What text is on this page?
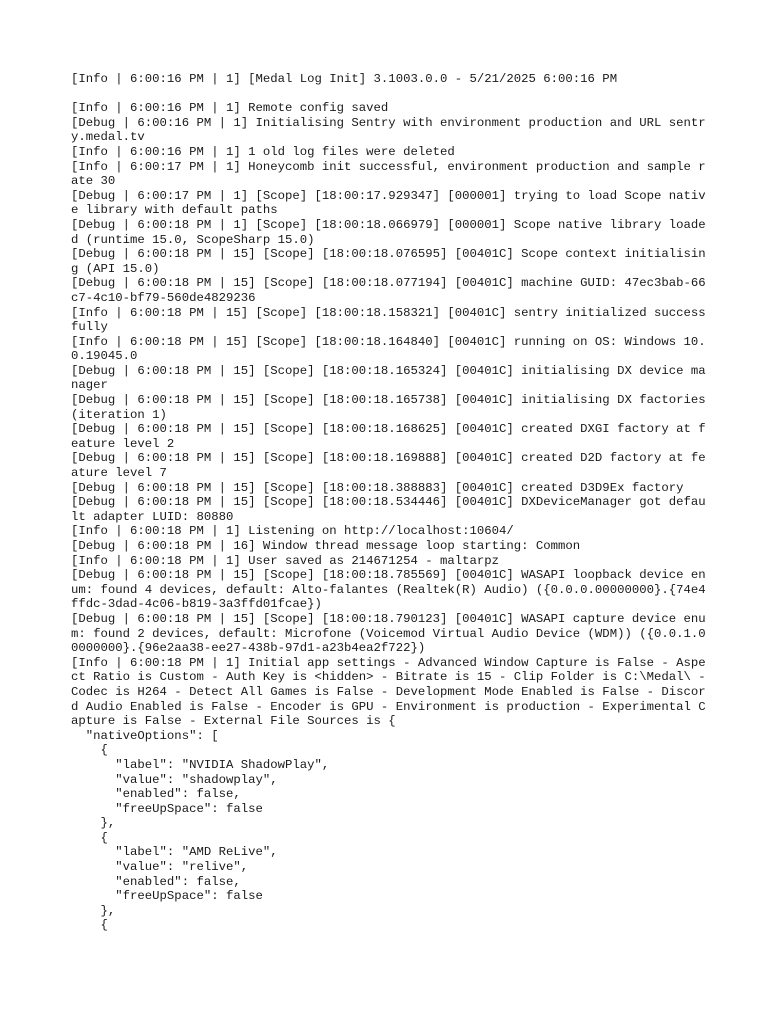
[Info | 6:00:16 PM | 1] [Medal Log Init] 3.1003.0.0 - 5/21/2025 6:00:16 PM

[Info | 6:00:16 PM | 1] Remote config saved

[Debug | 6:00:16 PM | 1] Initialising Sentry with environment production and URL sentry.medal.tv

[Info | 6:00:16 PM | 1] 1 old log files were deleted

[Info | 6:00:17 PM | 1] Honeycomb init successful, environment production and sample rate 30

[Debug | 6:00:17 PM | 1] [Scope] [18:00:17.929347] [000001] trying to load Scope native library with default paths

[Debug | 6:00:18 PM | 1] [Scope] [18:00:18.066979] [000001] Scope native library loaded (runtime 15.0, ScopeSharp 15.0)

[Debug | 6:00:18 PM | 15] [Scope] [18:00:18.076595] [00401C] Scope context initialising (API 15.0)

[Debug | 6:00:18 PM | 15] [Scope] [18:00:18.077194] [00401C] machine GUID: 47ec3bab-66c7-4c10-bf79-560de4829236

[Info | 6:00:18 PM | 15] [Scope] [18:00:18.158321] [00401C] sentry initialized successfully

[Info | 6:00:18 PM | 15] [Scope] [18:00:18.164840] [00401C] running on OS: Windows 10.0.19045.0

[Debug | 6:00:18 PM | 15] [Scope] [18:00:18.165324] [00401C] initialising DX device manager

[Debug | 6:00:18 PM | 15] [Scope] [18:00:18.165738] [00401C] initialising DX factories (iteration 1)

[Debug | 6:00:18 PM | 15] [Scope] [18:00:18.168625] [00401C] created DXGI factory at feature level 2

[Debug | 6:00:18 PM | 15] [Scope] [18:00:18.169888] [00401C] created D2D factory at feature level 7

[Debug | 6:00:18 PM | 15] [Scope] [18:00:18.388883] [00401C] created D3D9Ex factory

[Debug | 6:00:18 PM | 15] [Scope] [18:00:18.534446] [00401C] DXDeviceManager got default adapter LUID: 80880

[Info | 6:00:18 PM | 1] Listening on http://localhost:10604/

[Debug | 6:00:18 PM | 16] Window thread message loop starting: Common

[Info | 6:00:18 PM | 1] User saved as 214671254 - maltarpz

[Debug | 6:00:18 PM | 15] [Scope] [18:00:18.785569] [00401C] WASAPI loopback device enum: found 4 devices, default: Alto-falantes (Realtek(R) Audio) ({0.0.0.00000000}.{74e4ffdc-3dad-4c06-b819-3a3ffd01fcae})

[Debug | 6:00:18 PM | 15] [Scope] [18:00:18.790123] [00401C] WASAPI capture device enum: found 2 devices, default: Microfone (Voicemod Virtual Audio Device (WDM)) ({0.0.1.00000000}.{96e2aa38-ee27-438b-97d1-a23b4ea2f722})

[Info | 6:00:18 PM | 1] Initial app settings - Advanced Window Capture is False - Aspect Ratio is Custom - Auth Key is <hidden> - Bitrate is 15 - Clip Folder is C:\Medal\ - Codec is H264 - Detect All Games is False - Development Mode Enabled is False - Discord Audio Enabled is False - Encoder is GPU - Environment is production - Experimental Capture is False - External File Sources is {

"nativeOptions": [

{

"label": "NVIDIA ShadowPlay",

"value": "shadowplay",

"enabled": false,

"freeUpSpace": false

},

{

"label": "AMD ReLive",

"value": "relive",

"enabled": false,

"freeUpSpace": false

},

{
